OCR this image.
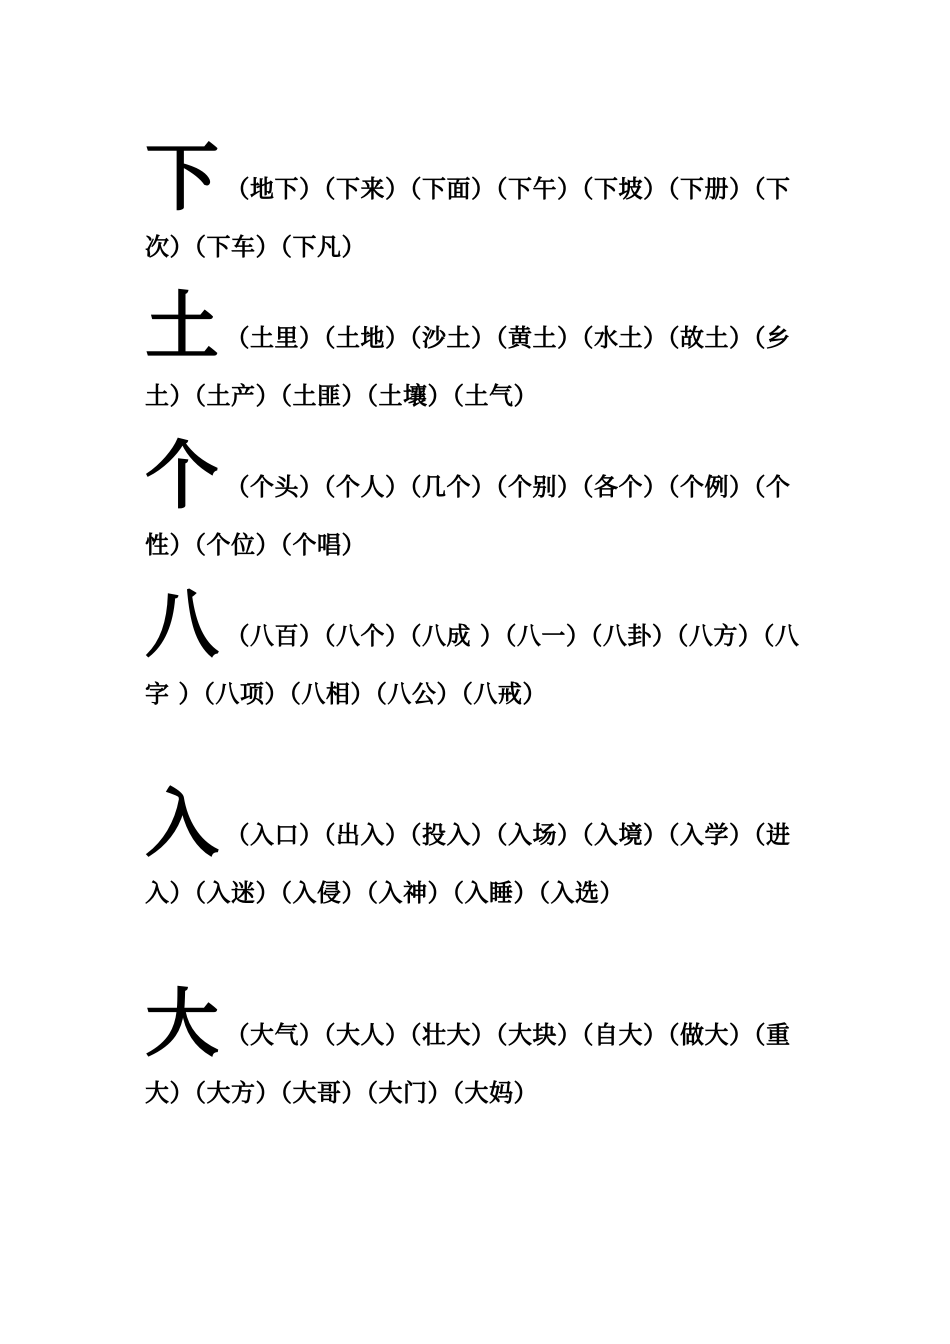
下 （地下）（下来）（下面）（下午）（下坡）（下册）（下次）（下车）（下凡）

土 （土里）（土地）（沙土）（黄土）（水土）（故土）（乡土）（土产）（土匪）（土壤）（土气）

个 （个头）（个人）（几个）（个别）（各个）（个例）（个性）（个位）（个唱）

八 （八百）（八个）（八成 ）（八一）（八卦）（八方）（八字 ）（八项）（八相）（八公）（八戒）

入 （入口）（出入）（投入）（入场）（入境）（入学）（进入）（入迷）（入侵）（入神）（入睡）（入选）

大 （大气）（大人）（壮大）（大块）（自大）（做大）（重大）（大方）（大哥）（大门）（大妈）
